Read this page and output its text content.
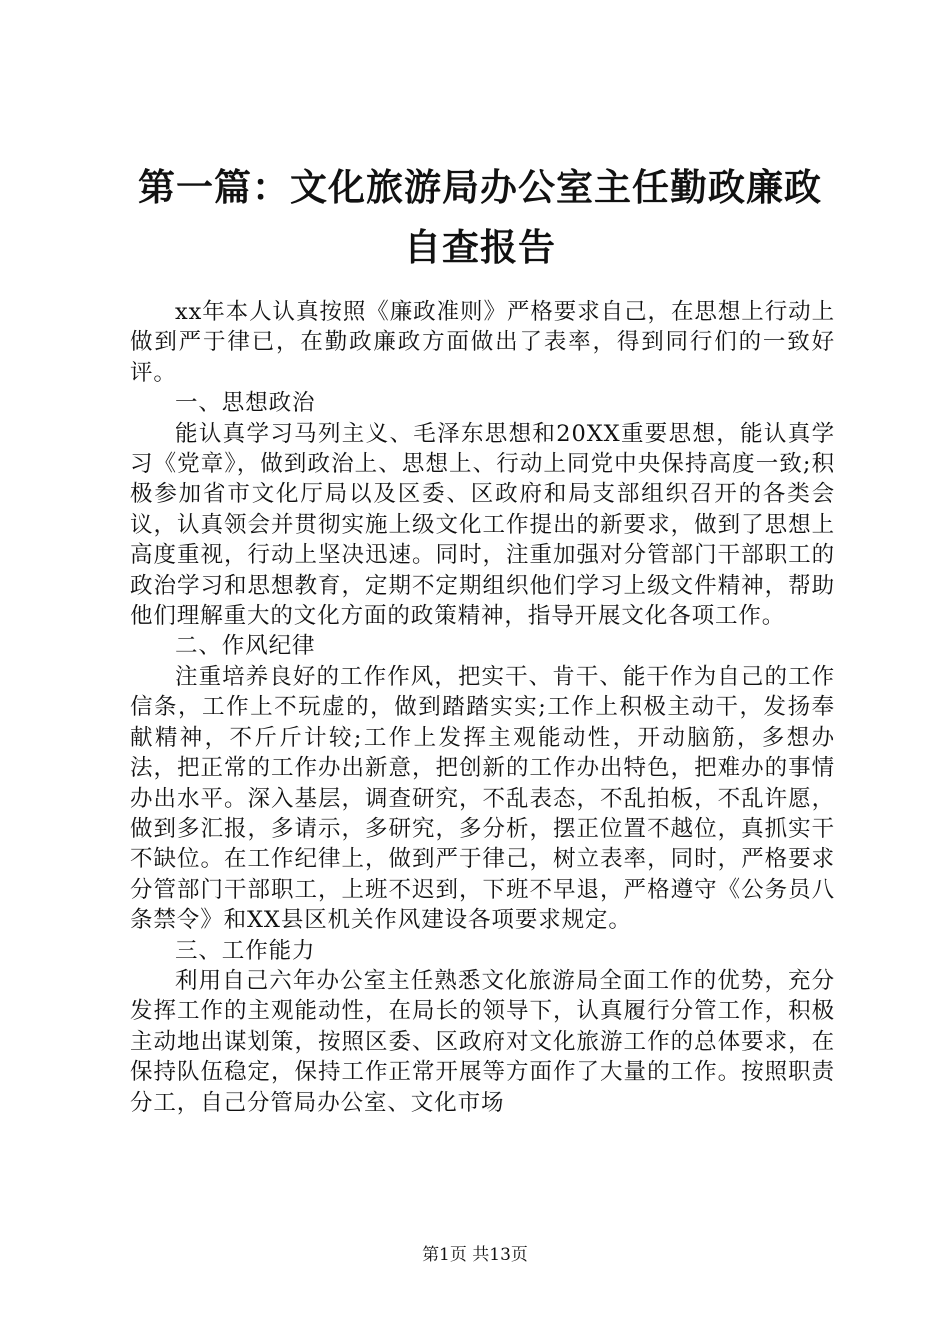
第一篇：文化旅游局办公室主任勤政廉政自查报告

xx年本人认真按照《廉政准则》严格要求自己，在思想上行动上做到严于律已，在勤政廉政方面做出了表率，得到同行们的一致好评。

一、思想政治

能认真学习马列主义、毛泽东思想和20XX重要思想，能认真学习《党章》，做到政治上、思想上、行动上同党中央保持高度一致;积极参加省市文化厅局以及区委、区政府和局支部组织召开的各类会议，认真领会并贯彻实施上级文化工作提出的新要求，做到了思想上高度重视，行动上坚决迅速。同时，注重加强对分管部门干部职工的政治学习和思想教育，定期不定期组织他们学习上级文件精神，帮助他们理解重大的文化方面的政策精神，指导开展文化各项工作。

二、作风纪律

注重培养良好的工作作风，把实干、肯干、能干作为自己的工作信条，工作上不玩虚的，做到踏踏实实;工作上积极主动干，发扬奉献精神，不斤斤计较;工作上发挥主观能动性，开动脑筋，多想办法，把正常的工作办出新意，把创新的工作办出特色，把难办的事情办出水平。深入基层，调查研究，不乱表态，不乱拍板，不乱许愿，做到多汇报，多请示，多研究，多分析，摆正位置不越位，真抓实干不缺位。在工作纪律上，做到严于律己，树立表率，同时，严格要求分管部门干部职工，上班不迟到，下班不早退，严格遵守《公务员八条禁令》和XX县区机关作风建设各项要求规定。

三、工作能力

利用自己六年办公室主任熟悉文化旅游局全面工作的优势，充分发挥工作的主观能动性，在局长的领导下，认真履行分管工作，积极主动地出谋划策，按照区委、区政府对文化旅游工作的总体要求，在保持队伍稳定，保持工作正常开展等方面作了大量的工作。按照职责分工，自己分管局办公室、文化市场

第1页 共13页
